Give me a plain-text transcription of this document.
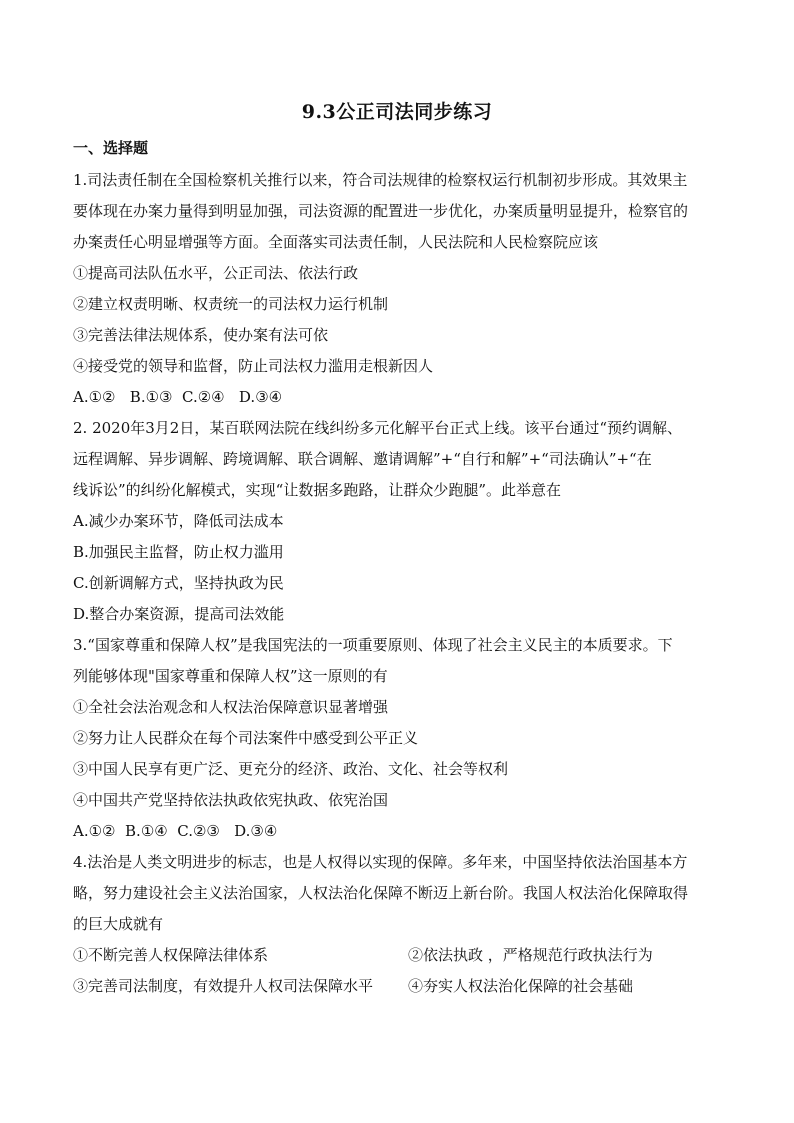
9.3公正司法同步练习
一、选择题
1.司法责任制在全国检察机关推行以来，符合司法规律的检察权运行机制初步形成。其效果主
要体现在办案力量得到明显加强，司法资源的配置进一步优化，办案质量明显提升，检察官的
办案责任心明显增强等方面。全面落实司法责任制，人民法院和人民检察院应该
①提高司法队伍水平，公正司法、依法行政
②建立权责明晰、权责统一的司法权力运行机制
③完善法律法规体系，使办案有法可依
④接受党的领导和监督，防止司法权力滥用走根新因人
A.①②   B.①③  C.②④   D.③④
2. 2020年3月2日，某百联网法院在线纠纷多元化解平台正式上线。该平台通过“预约调解、
远程调解、异步调解、跨境调解、联合调解、邀请调解”+“自行和解”+“司法确认”+“在
线诉讼”的纠纷化解模式，实现“让数据多跑路，让群众少跑腿”。此举意在
A.减少办案环节，降低司法成本
B.加强民主监督，防止权力滥用
C.创新调解方式，坚持执政为民
D.整合办案资源，提高司法效能
3.“国家尊重和保障人权”是我国宪法的一项重要原则、体现了社会主义民主的本质要求。下
列能够体现"国家尊重和保障人权”这一原则的有
①全社会法治观念和人权法治保障意识显著增强
②努力让人民群众在每个司法案件中感受到公平正义
③中国人民享有更广泛、更充分的经济、政治、文化、社会等权利
④中国共产党坚持依法执政依宪执政、依宪治国
A.①②  B.①④  C.②③   D.③④
4.法治是人类文明进步的标志，也是人权得以实现的保障。多年来，中国坚持依法治国基本方
略，努力建设社会主义法治国家，人权法治化保障不断迈上新台阶。我国人权法治化保障取得
的巨大成就有
①不断完善人权保障法律体系	②依法执政 ，严格规范行政执法行为
③完善司法制度，有效提升人权司法保障水平	④夯实人权法治化保障的社会基础
